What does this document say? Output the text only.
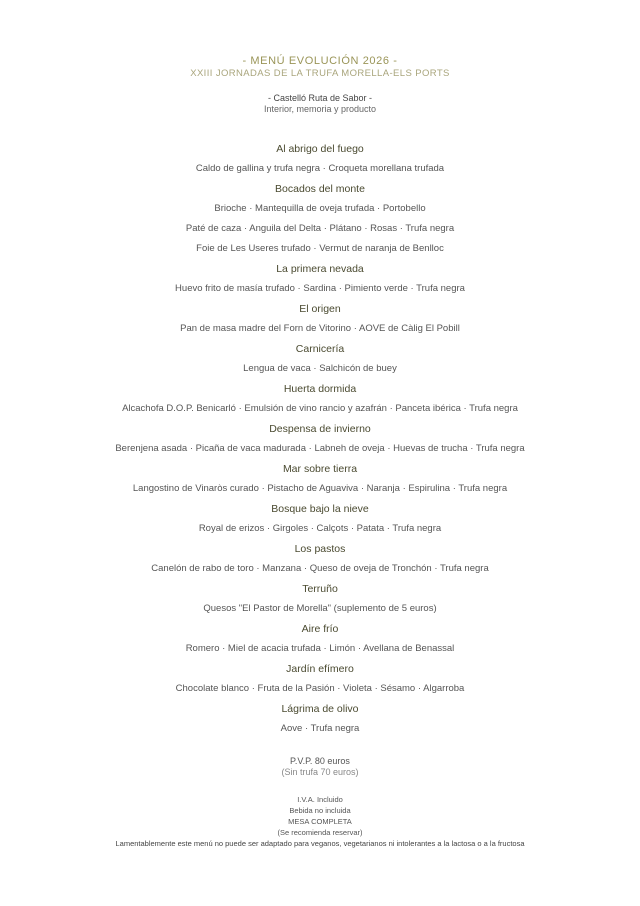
- MENÚ EVOLUCIÓN 2026 -
XXIII JORNADAS DE LA TRUFA MORELLA-ELS PORTS
- Castelló Ruta de Sabor -
Interior, memoria y producto
Al abrigo del fuego
Caldo de gallina y trufa negra · Croqueta morellana trufada
Bocados del monte
Brioche · Mantequilla de oveja trufada · Portobello
Paté de caza · Anguila del Delta · Plátano · Rosas · Trufa negra
Foie de Les Useres trufado · Vermut de naranja de Benlloc
La primera nevada
Huevo frito de masía trufado · Sardina · Pimiento verde · Trufa negra
El origen
Pan de masa madre del Forn de Vitorino · AOVE de Càlig El Pobill
Carnicería
Lengua de vaca · Salchicón de buey
Huerta dormida
Alcachofa D.O.P. Benicarló · Emulsión de vino rancio y azafrán · Panceta ibérica · Trufa negra
Despensa de invierno
Berenjena asada · Picaña de vaca madurada · Labneh de oveja · Huevas de trucha · Trufa negra
Mar sobre tierra
Langostino de Vinaròs curado · Pistacho de Aguaviva · Naranja · Espirulina · Trufa negra
Bosque bajo la nieve
Royal de erizos · Girgoles · Calçots · Patata · Trufa negra
Los pastos
Canelón de rabo de toro · Manzana · Queso de oveja de Tronchón · Trufa negra
Terruño
Quesos "El Pastor de Morella" (suplemento de 5 euros)
Aire frío
Romero · Miel de acacia trufada · Limón · Avellana de Benassal
Jardín efímero
Chocolate blanco · Fruta de la Pasión · Violeta · Sésamo · Algarroba
Lágrima de olivo
Aove · Trufa negra
P.V.P. 80 euros
(Sin trufa 70 euros)
I.V.A. Incluido
Bebida no incluida
MESA COMPLETA
(Se recomienda reservar)
Lamentablemente este menú no puede ser adaptado para veganos, vegetarianos ni intolerantes a la lactosa o a la fructosa
